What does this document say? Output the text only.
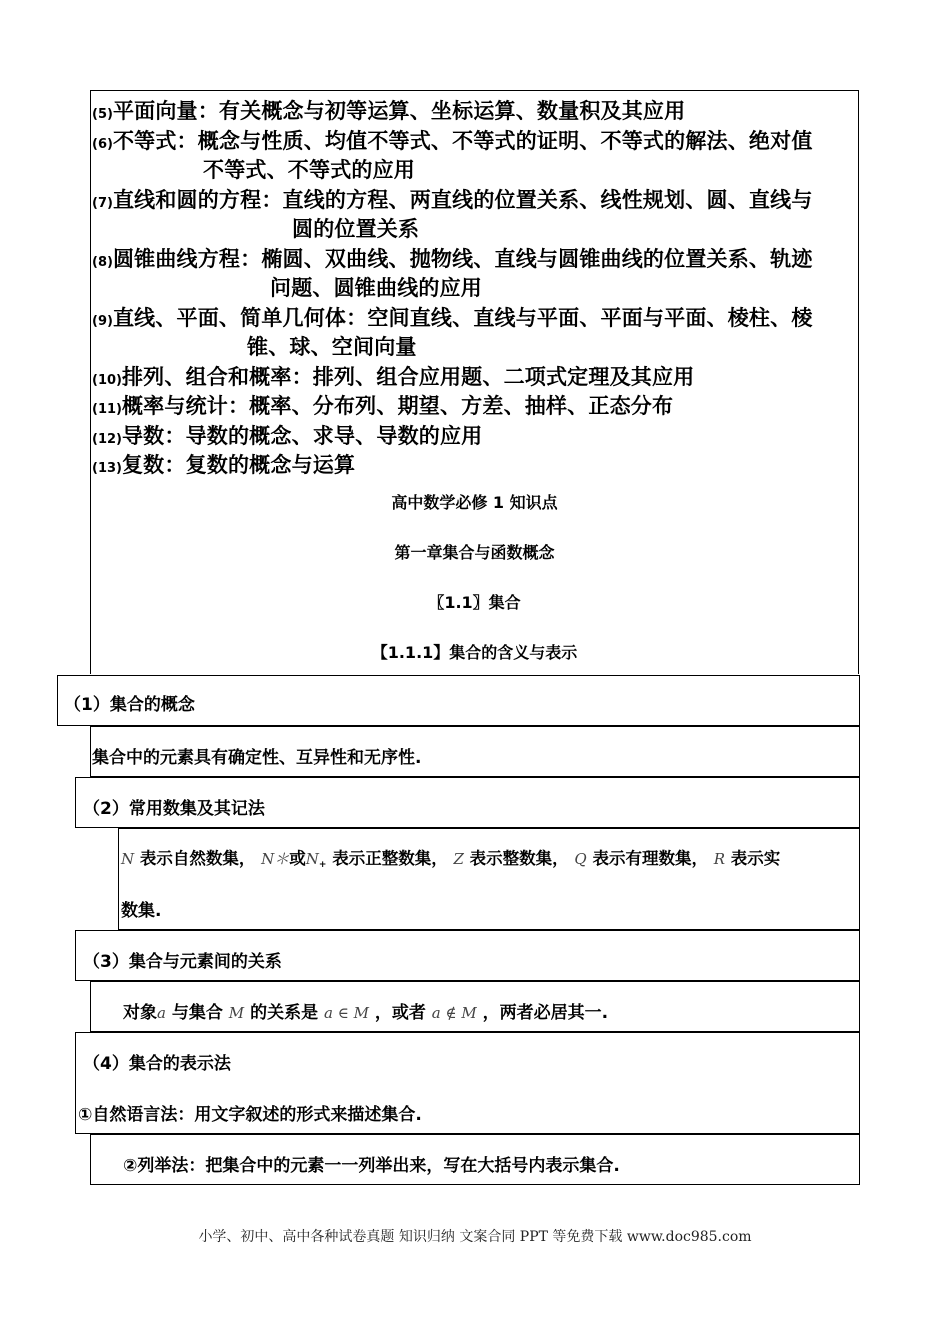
(5)平面向量：有关概念与初等运算、坐标运算、数量积及其应用
(6)不等式：概念与性质、均值不等式、不等式的证明、不等式的解法、绝对值
不等式、不等式的应用
(7)直线和圆的方程：直线的方程、两直线的位置关系、线性规划、圆、直线与
圆的位置关系
(8)圆锥曲线方程：椭圆、双曲线、抛物线、直线与圆锥曲线的位置关系、轨迹
问题、圆锥曲线的应用
(9)直线、平面、简单几何体：空间直线、直线与平面、平面与平面、棱柱、棱
锥、球、空间向量
(10)排列、组合和概率：排列、组合应用题、二项式定理及其应用
(11)概率与统计：概率、分布列、期望、方差、抽样、正态分布
(12)导数：导数的概念、求导、导数的应用
(13)复数：复数的概念与运算
高中数学必修 1 知识点
第一章集合与函数概念
〖1.1〗集合
【1.1.1】集合的含义与表示
（1）集合的概念
集合中的元素具有确定性、互异性和无序性.
（2）常用数集及其记法
N 表示自然数集， N＊或$N_+$ 表示正整数集， Z 表示整数集， Q 表示有理数集， R 表示实
数集.
（3）集合与元素间的关系
对象a 与集合 M 的关系是 a ∈ M ，或者 a ∉ M ，两者必居其一.
（4）集合的表示法
①自然语言法：用文字叙述的形式来描述集合.
②列举法：把集合中的元素一一列举出来，写在大括号内表示集合.
小学、初中、高中各种试卷真题 知识归纳 文案合同 PPT 等免费下载 www.doc985.com
